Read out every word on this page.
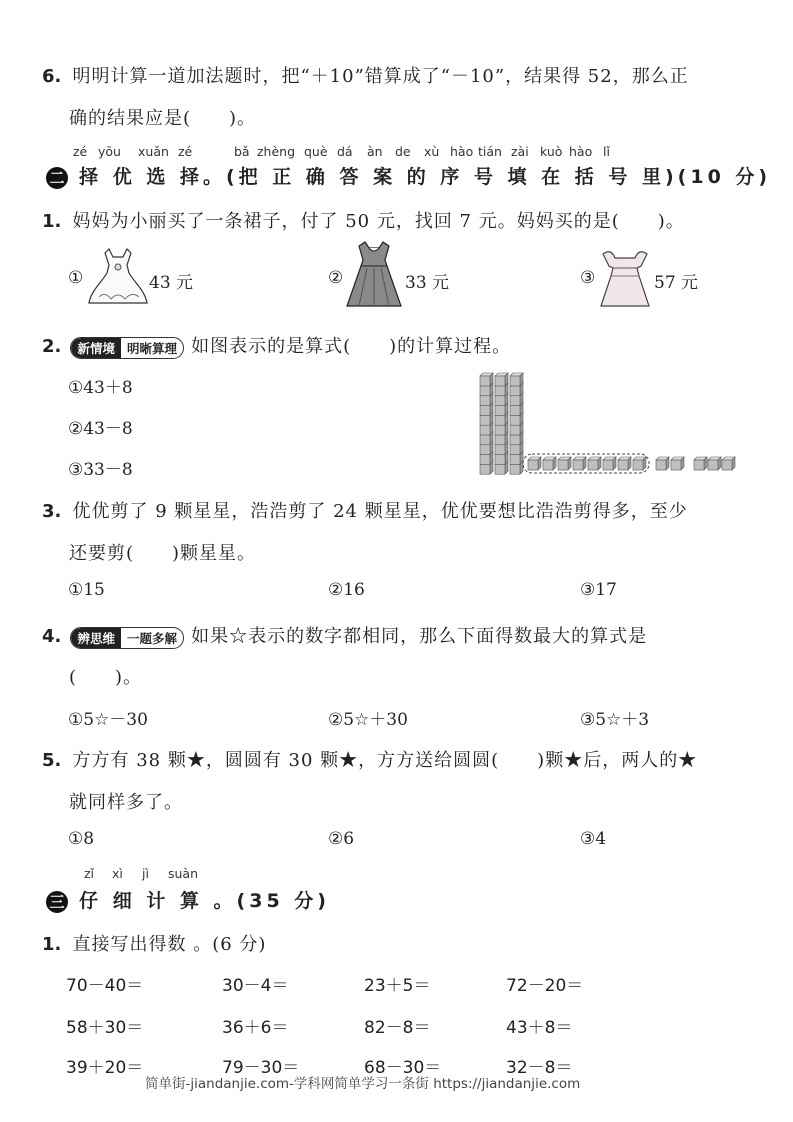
6. 明明计算一道加法题时，把“＋10”错算成了“－10”，结果得 52，那么正
确的结果应是(　　)。
zé yōu xuǎn zé	bǎ zhèng què dá àn de xù hào tián zài kuò hào lǐ
二 择 优 选 择。(把 正 确 答 案 的 序 号 填 在 括 号 里)(10 分)
1. 妈妈为小丽买了一条裙子，付了 50 元，找回 7 元。妈妈买的是(　　)。
①	43 元	②	33 元	③	57 元
2.	新情境 明晰算理 如图表示的是算式(　　)的计算过程。
①43＋8
②43－8
③33－8
3. 优优剪了 9 颗星星，浩浩剪了 24 颗星星，优优要想比浩浩剪得多，至少
还要剪(　　)颗星星。
①15	②16	③17
4.	辨思维 一题多解 如果☆表示的数字都相同，那么下面得数最大的算式是
(　　)。
①5☆－30	②5☆＋30	③5☆＋3
5. 方方有 38 颗★，圆圆有 30 颗★，方方送给圆圆(　　)颗★后，两人的★
就同样多了。
①8	②6	③4
zǐ xì jì suàn
三 仔 细 计 算 。(35 分)
1. 直接写出得数 。(6 分)
70－40＝	30－4＝	23＋5＝	72－20＝
58＋30＝	36＋6＝	82－8＝	43＋8＝
39＋20＝	79－30＝	68－30＝	32－8＝
简单街-jiandanjie.com-学科网简单学习一条街 https://jiandanjie.com
